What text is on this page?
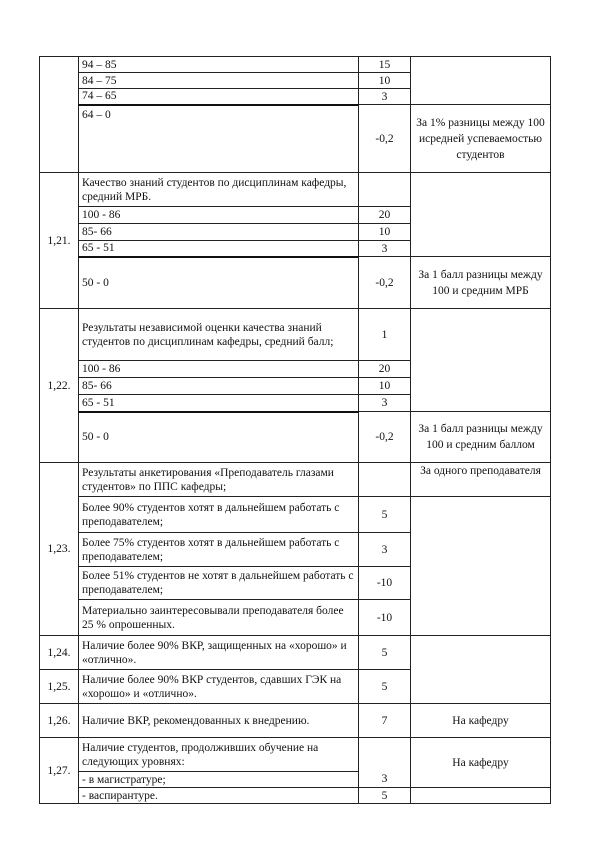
	94 – 85	15	
	84 – 75	10	
	74 – 65	3	
	64 – 0	-0,2	За 1% разницы между 100 исредней успеваемостью студентов
1,21.	Качество знаний студентов по дисциплинам кафедры, средний МРБ.		
	100 - 86	20	
	85- 66	10	
	65 - 51	3	
	50 - 0	-0,2	За 1 балл разницы между 100 и средним МРБ
1,22.	Результаты независимой оценки качества знаний студентов по дисциплинам кафедры, средний балл;	1	
	100 - 86	20	
	85- 66	10	
	65 - 51	3	
	50 - 0	-0,2	За 1 балл разницы между 100 и средним баллом
1,23.	Результаты анкетирования «Преподаватель глазами студентов» по ППС кафедры;		За одного преподавателя
	Более 90% студентов хотят в дальнейшем работать с преподавателем;	5	
	Более 75% студентов хотят в дальнейшем работать с преподавателем;	3	
	Более 51% студентов не хотят в дальнейшем работать с преподавателем;	-10	
	Материально заинтересовывали преподавателя более 25 % опрошенных.	-10	
1,24.	Наличие более 90% ВКР, защищенных на «хорошо» и «отлично».	5	
1,25.	Наличие более 90% ВКР студентов, сдавших ГЭК на «хорошо» и «отлично».	5	
1,26.	Наличие ВКР, рекомендованных к внедрению.	7	На кафедру
1,27.	Наличие студентов, продолживших обучение на следующих уровнях:		На кафедру
	- в магистратуре;	3	
	- васпирантуре.	5	
